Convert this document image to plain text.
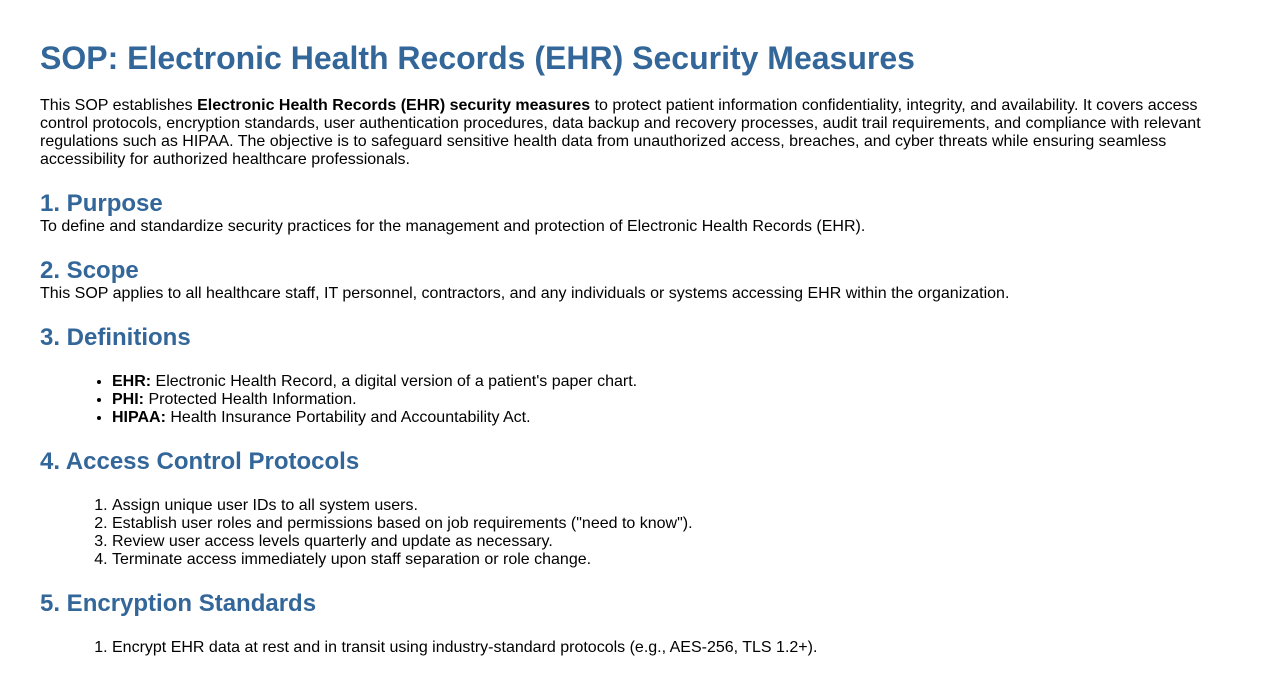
SOP: Electronic Health Records (EHR) Security Measures

This SOP establishes Electronic Health Records (EHR) security measures to protect patient information confidentiality, integrity, and availability. It covers access control protocols, encryption standards, user authentication procedures, data backup and recovery processes, audit trail requirements, and compliance with relevant regulations such as HIPAA. The objective is to safeguard sensitive health data from unauthorized access, breaches, and cyber threats while ensuring seamless accessibility for authorized healthcare professionals.

1. Purpose

To define and standardize security practices for the management and protection of Electronic Health Records (EHR).

2. Scope

This SOP applies to all healthcare staff, IT personnel, contractors, and any individuals or systems accessing EHR within the organization.

3. Definitions
• EHR: Electronic Health Record, a digital version of a patient's paper chart.
• PHI: Protected Health Information.
• HIPAA: Health Insurance Portability and Accountability Act.
4. Access Control Protocols
1. Assign unique user IDs to all system users.
2. Establish user roles and permissions based on job requirements ("need to know").
3. Review user access levels quarterly and update as necessary.
4. Terminate access immediately upon staff separation or role change.
5. Encryption Standards
1. Encrypt EHR data at rest and in transit using industry-standard protocols (e.g., AES-256, TLS 1.2+).
